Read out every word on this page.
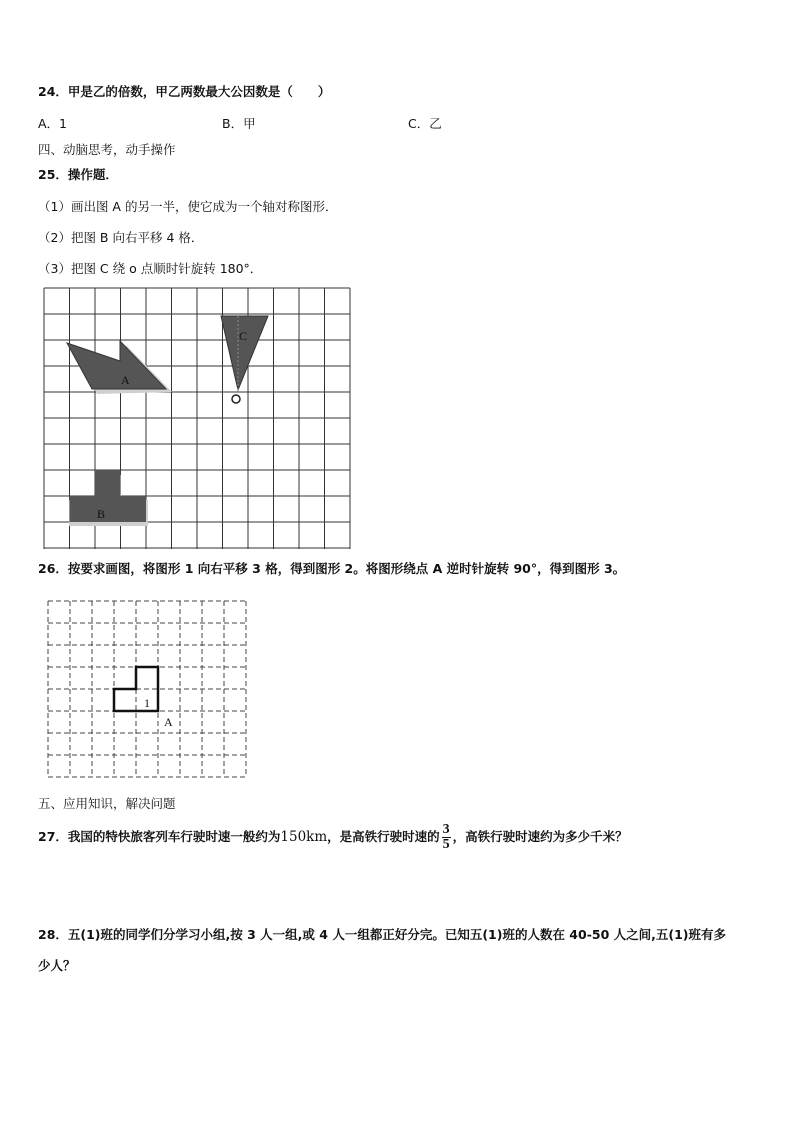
24．甲是乙的倍数，甲乙两数最大公因数是（　　）
A．1	B．甲	C．乙
四、动脑思考，动手操作
25．操作题．
（1）画出图 A 的另一半，使它成为一个轴对称图形．
（2）把图 B 向右平移 4 格．
（3）把图 C 绕 o 点顺时针旋转 180°．
A
B
C
26．按要求画图，将图形 1 向右平移 3 格，得到图形 2。将图形绕点 A 逆时针旋转 90°，得到图形 3。
1
A
五、应用知识，解决问题
27．我国的特快旅客列车行驶时速一般约为 150km ，是高铁行驶时速的 $\frac{3}{5}$ ，高铁行驶时速约为多少千米？
28．五(1)班的同学们分学习小组,按 3 人一组,或 4 人一组都正好分完。已知五(1)班的人数在 40-50 人之间,五(1)班有多
少人？
